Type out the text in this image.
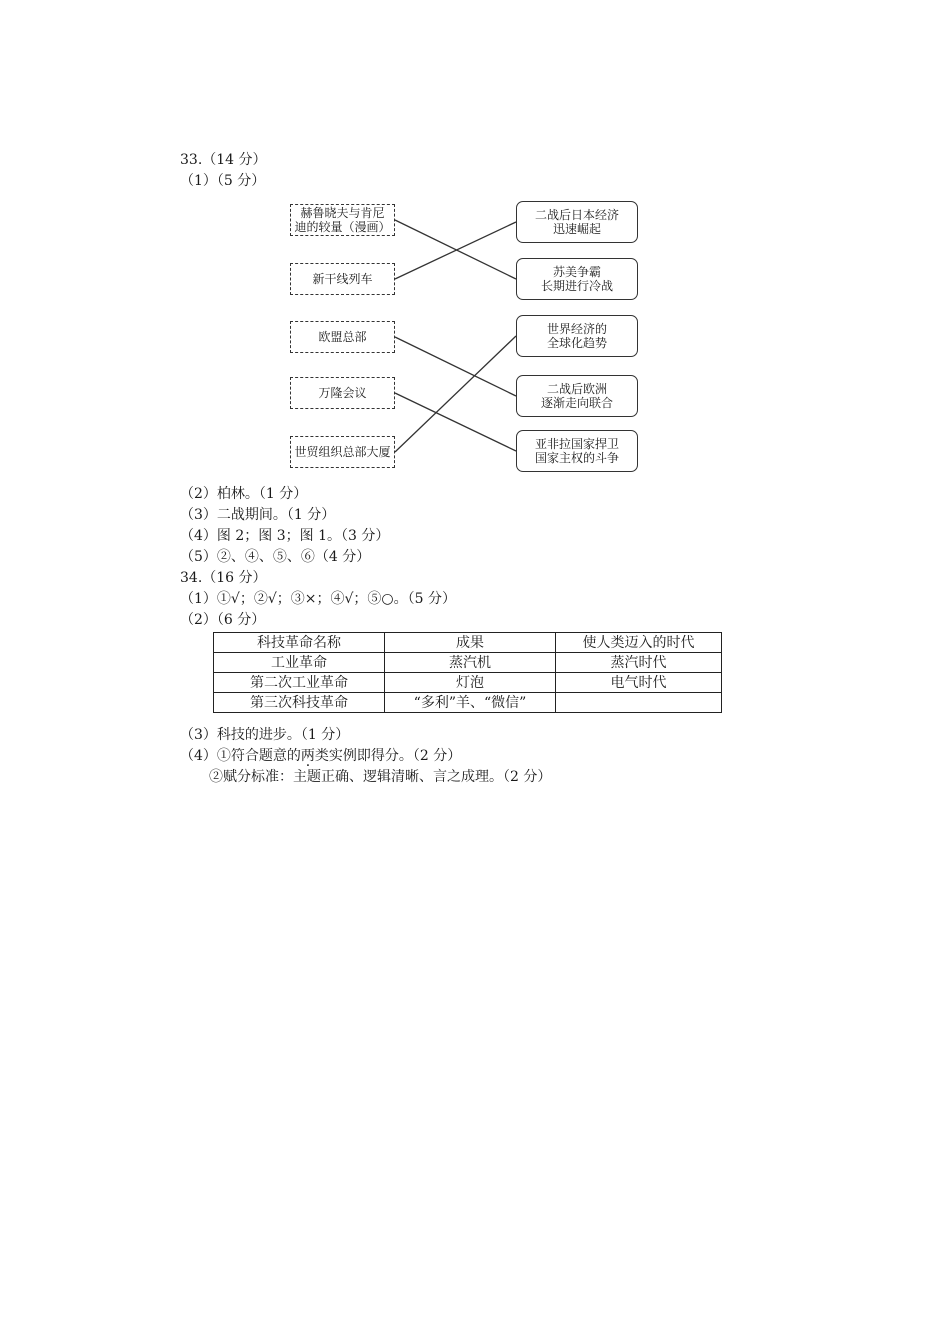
33.（14 分）
（1）（5 分）
赫鲁晓夫与肯尼
迪的较量（漫画）
新干线列车
欧盟总部
万隆会议
世贸组织总部大厦
二战后日本经济
迅速崛起
苏美争霸
长期进行冷战
世界经济的
全球化趋势
二战后欧洲
逐渐走向联合
亚非拉国家捍卫
国家主权的斗争
（2）柏林。（1 分）
（3）二战期间。（1 分）
（4）图 2；图 3；图 1。（3 分）
（5）②、④、⑤、⑥（4 分）
34.（16 分）
（1）①√；②√；③×；④√；⑤○。（5 分）
（2）（6 分）
科技革命名称	成果	使人类迈入的时代
工业革命	蒸汽机	蒸汽时代
第二次工业革命	灯泡	电气时代
第三次科技革命	“多利”羊、“微信”	
（3）科技的进步。（1 分）
（4）①符合题意的两类实例即得分。（2 分）
②赋分标准：主题正确、逻辑清晰、言之成理。（2 分）
